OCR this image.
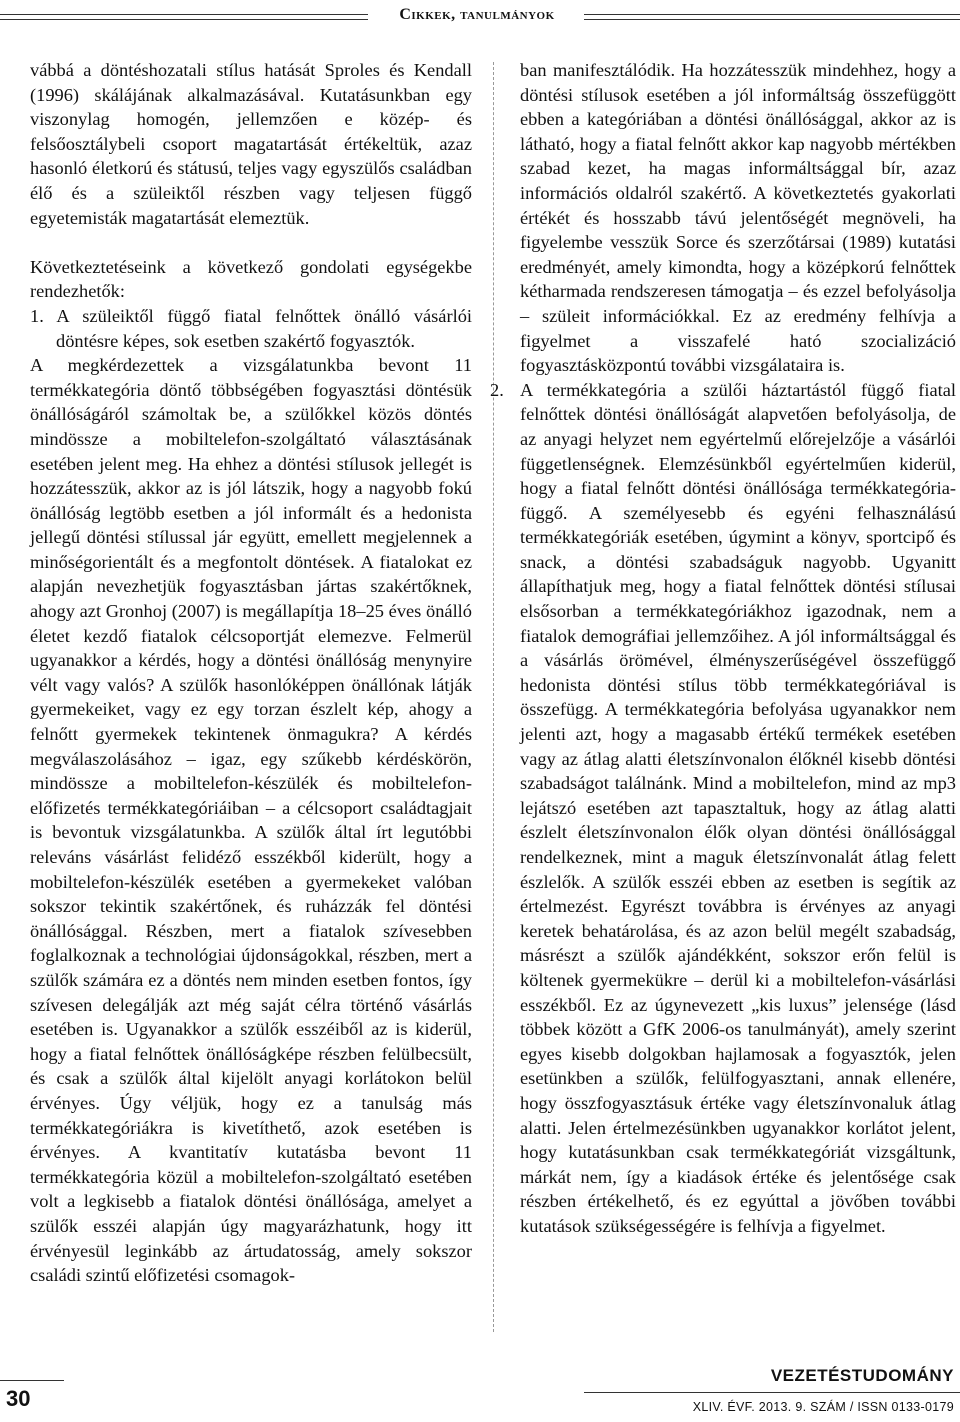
Cikkek, tanulmányok

vábbá a döntéshozatali stílus hatását Sproles és Kendall (1996) skálájának alkalmazásával. Kutatásunkban egy viszonylag homogén, jellemzően e közép- és felsőosztálybeli csoport magatartását értékeltük, azaz hasonló életkorú és státusú, teljes vagy egyszülős családban élő és a szüleiktől részben vagy teljesen függő egyetemisták magatartását elemeztük.

Következtetéseink a következő gondolati egységekbe rendezhetők:

1. A szüleiktől függő fiatal felnőttek önálló vásárlói döntésre képes, sok esetben szakértő fogyasztók.

A megkérdezettek a vizsgálatunkba bevont 11 termékkategória döntő többségében fogyasztási döntésük önállóságáról számoltak be, a szülőkkel közös döntés mindössze a mobiltelefon-szolgáltató választásának esetében jelent meg. Ha ehhez a döntési stílusok jellegét is hozzátesszük, akkor az is jól látszik, hogy a nagyobb fokú önállóság legtöbb esetben a jól informált és a hedonista jellegű döntési stílussal jár együtt, emellett megjelennek a minőségorientált és a megfontolt döntések. A fiatalokat ez alapján nevezhetjük fogyasztásban jártas szakértőknek, ahogy azt Gronhoj (2007) is megállapítja 18–25 éves önálló életet kezdő fiatalok célcsoportját elemezve. Felmerül ugyanakkor a kérdés, hogy a döntési önállóság menynyire vélt vagy valós? A szülők hasonlóképpen önállónak látják gyermekeiket, vagy ez egy torzan észlelt kép, ahogy a felnőtt gyermekek tekintenek önmagukra? A kérdés megválaszolásához – igaz, egy szűkebb kérdéskörön, mindössze a mobiltelefon-készülék és mobiltelefon-előfizetés termékkategóriáiban – a célcsoport családtagjait is bevontuk vizsgálatunkba. A szülők által írt legutóbbi releváns vásárlást felidéző esszékből kiderült, hogy a mobiltelefon-készülék esetében a gyermekeket valóban sokszor tekintik szakértőnek, és ruházzák fel döntési önállósággal. Részben, mert a fiatalok szívesebben foglalkoznak a technológiai újdonságokkal, részben, mert a szülők számára ez a döntés nem minden esetben fontos, így szívesen delegálják azt még saját célra történő vásárlás esetében is. Ugyanakkor a szülők esszéiből az is kiderül, hogy a fiatal felnőttek önállóságképe részben felülbecsült, és csak a szülők által kijelölt anyagi korlátokon belül érvényes. Úgy véljük, hogy ez a tanulság más termékkategóriákra is kivetíthető, azok esetében is érvényes. A kvantitatív kutatásba bevont 11 termékkategória közül a mobiltelefon-szolgáltató esetében volt a legkisebb a fiatalok döntési önállósága, amelyet a szülők esszéi alapján úgy magyarázhatunk, hogy itt érvényesül leginkább az ártudatosság, amely sokszor családi szintű előfizetési csomagok-

ban manifesztálódik. Ha hozzátesszük mindehhez, hogy a döntési stílusok esetében a jól informáltság összefüggött ebben a kategóriában a döntési önállósággal, akkor az is látható, hogy a fiatal felnőtt akkor kap nagyobb mértékben szabad kezet, ha magas informáltsággal bír, azaz információs oldalról szakértő. A következtetés gyakorlati értékét és hosszabb távú jelentőségét megnöveli, ha figyelembe vesszük Sorce és szerzőtársai (1989) kutatási eredményét, amely kimondta, hogy a középkorú felnőttek kétharmada rendszeresen támogatja – és ezzel befolyásolja – szüleit információkkal. Ez az eredmény felhívja a figyelmet a visszafelé ható szocializáció fogyasztásközpontú további vizsgálataira is.

2. A termékkategória a szülői háztartástól függő fiatal felnőttek döntési önállóságát alapvetően befolyásolja, de az anyagi helyzet nem egyértelmű előrejelzője a vásárlói függetlenségnek. Elemzésünkből egyértelműen kiderül, hogy a fiatal felnőtt döntési önállósága termékkategória-függő. A személyesebb és egyéni felhasználású termékkategóriák esetében, úgymint a könyv, sportcipő és snack, a döntési szabadságuk nagyobb. Ugyanitt állapíthatjuk meg, hogy a fiatal felnőttek döntési stílusai elsősorban a termékkategóriákhoz igazodnak, nem a fiatalok demográfiai jellemzőihez. A jól informáltsággal és a vásárlás örömével, élményszerűségével összefüggő hedonista döntési stílus több termékkategóriával is összefügg. A termékkategória befolyása ugyanakkor nem jelenti azt, hogy a magasabb értékű termékek esetében vagy az átlag alatti életszínvonalon élőknél kisebb döntési szabadságot találnánk. Mind a mobiltelefon, mind az mp3 lejátszó esetében azt tapasztaltuk, hogy az átlag alatti észlelt életszínvonalon élők olyan döntési önállósággal rendelkeznek, mint a maguk életszínvonalát átlag felett észlelők. A szülők esszéi ebben az esetben is segítik az értelmezést. Egyrészt továbbra is érvényes az anyagi keretek behatárolása, és az azon belül megélt szabadság, másrészt a szülők ajándékként, sokszor erőn felül is költenek gyermekükre – derül ki a mobiltelefon-vásárlási esszékből. Ez az úgynevezett „kis luxus” jelensége (lásd többek között a GfK 2006-os tanulmányát), amely szerint egyes kisebb dolgokban hajlamosak a fogyasztók, jelen esetünkben a szülők, felülfogyasztani, annak ellenére, hogy összfogyasztásuk értéke vagy életszínvonaluk átlag alatti. Jelen értelmezésünkben ugyanakkor korlátot jelent, hogy kutatásunkban csak termékkategóriát vizsgáltunk, márkát nem, így a kiadások értéke és jelentősége csak részben értékelhető, és ez egyúttal a jövőben további kutatások szükségességére is felhívja a figyelmet.

30
VEZETÉSTUDOMÁNY
XLIV. ÉVF. 2013. 9. SZÁM / ISSN 0133-0179
